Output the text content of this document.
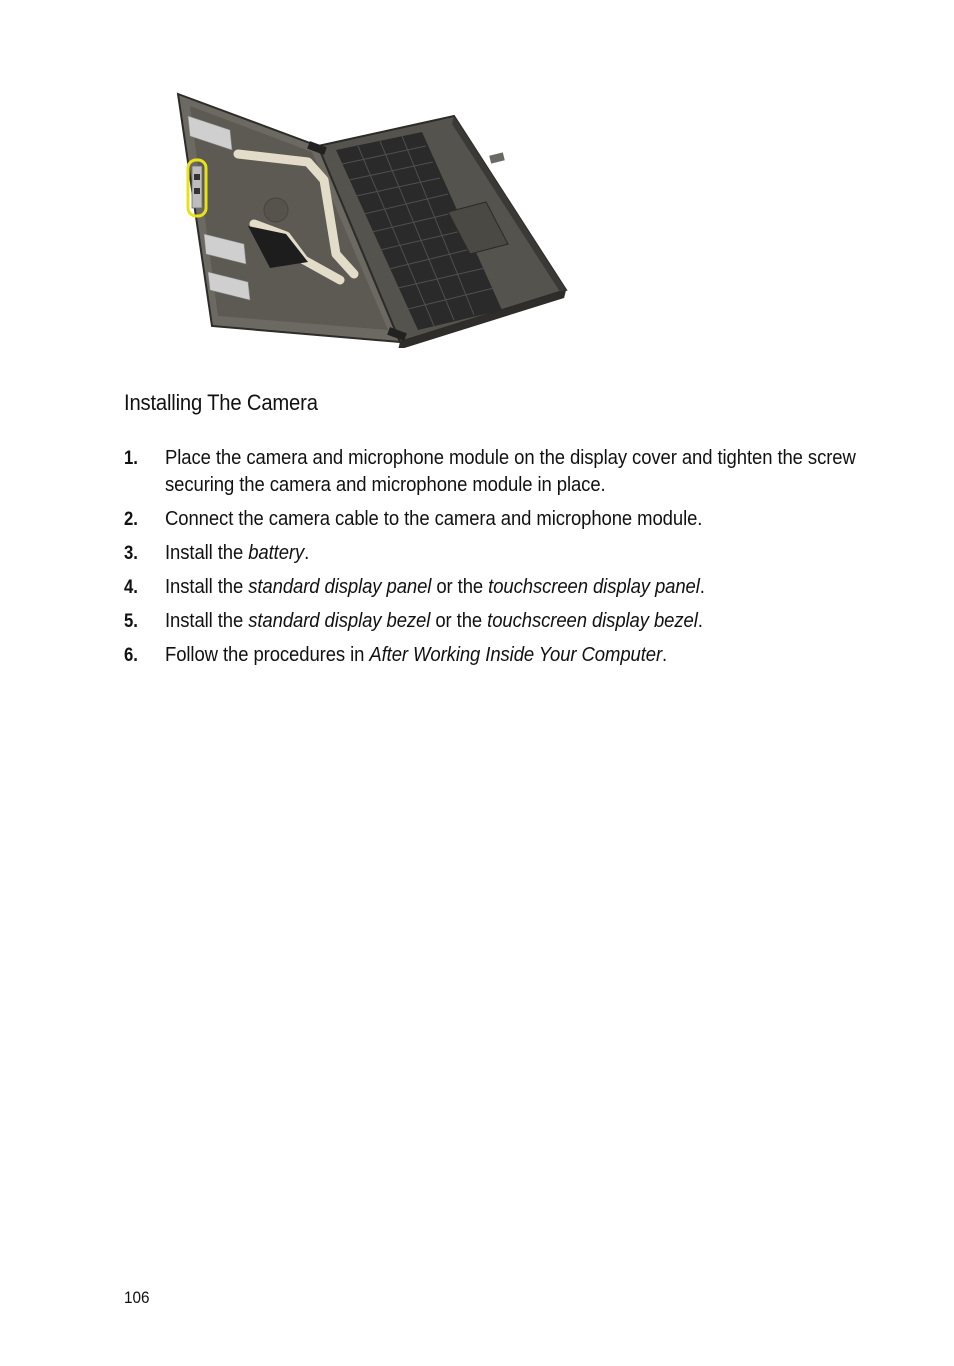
Installing The Camera
1. Place the camera and microphone module on the display cover and tighten the screw securing the camera and microphone module in place.
2. Connect the camera cable to the camera and microphone module.
3. Install the battery.
4. Install the standard display panel or the touchscreen display panel.
5. Install the standard display bezel or the touchscreen display bezel.
6. Follow the procedures in After Working Inside Your Computer.
106
